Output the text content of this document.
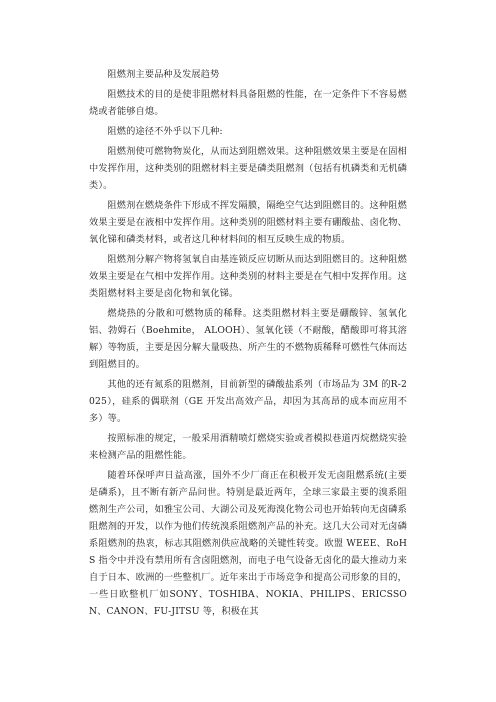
阻燃剂主要品种及发展趋势

阻燃技术的目的是使非阻燃材料具备阻燃的性能，在一定条件下不容易燃烧或者能够自熄。

阻燃的途径不外乎以下几种:

阻燃剂使可燃物物炭化，从而达到阻燃效果。这种阻燃效果主要是在固相中发挥作用，这种类别的阻燃材料主要是磷类阻燃剂（包括有机磷类和无机磷类）。

阻燃剂在燃烧条件下形成不挥发隔膜，隔绝空气达到阻燃目的。这种阻燃效果主要是在液相中发挥作用。这种类别的阻燃材料主要有硼酸盐、卤化物、氧化锑和磷类材料，或者这几种材料间的相互反映生成的物质。

阻燃剂分解产物将氢氧自由基连锁反应切断从而达到阻燃目的。这种阻燃效果主要是在气相中发挥作用。这种类别的材料主要是在气相中发挥作用。这类阻燃材料主要是卤化物和氧化锑。

燃烧热的分散和可燃物质的稀释。这类阻燃材料主要是硼酸锌、氢氧化铝、勃姆石（Boehmite， ALOOH）、氢氧化镁（不耐酸，醋酸即可将其溶解）等物质，主要是因分解大量吸热、所产生的不燃物质稀释可燃性气体而达到阻燃目的。

其他的还有氮系的阻燃剂，目前新型的磷酸盐系列（市场品为 3M 的R-2025），硅系的偶联剂（GE 开发出高效产品，却因为其高昂的成本而应用不多）等。

按照标准的规定，一般采用酒精喷灯燃烧实验或者模拟巷道丙烷燃烧实验来检测产品的阻燃性能。

随着环保呼声日益高涨，国外不少厂商正在积极开发无卤阻燃系统(主要是磷系)，且不断有新产品问世。特别是最近两年，全球三家最主要的溴系阻燃剂生产公司，如雅宝公司、大湖公司及死海溴化物公司也开始转向无卤磷系阻燃剂的开发，以作为他们传统溴系阻燃剂产品的补充。这几大公司对无卤磷系阻燃剂的热衷，标志其阻燃剂供应战略的关键性转变。欧盟 WEEE、RoHS 指令中并没有禁用所有含卤阻燃剂，而电子电气设备无卤化的最大推动力来自于日本、欧洲的一些整机厂。近年来出于市场竞争和提高公司形象的目的，一些日欧整机厂如SONY、TOSHIBA、NOKIA、PHILIPS、ERICSSON、CANON、FU-JITSU 等，积极在其
